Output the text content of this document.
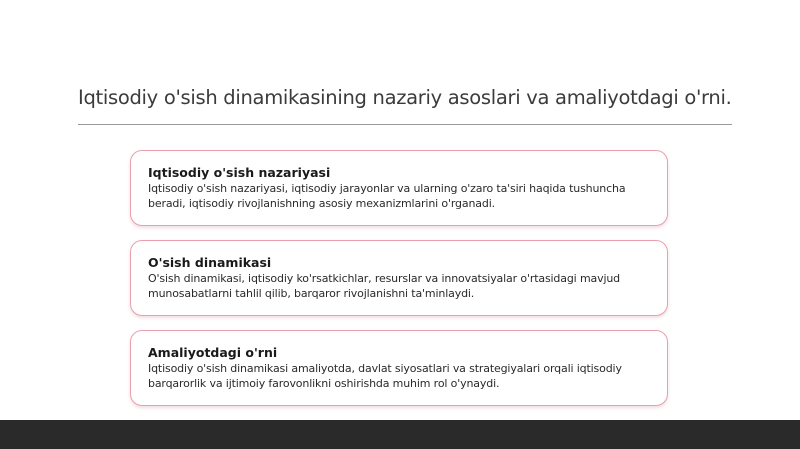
Iqtisodiy o'sish dinamikasining nazariy asoslari va amaliyotdagi o'rni.
Iqtisodiy o'sish nazariyasi
Iqtisodiy o'sish nazariyasi, iqtisodiy jarayonlar va ularning o'zaro ta'siri haqida tushuncha beradi, iqtisodiy rivojlanishning asosiy mexanizmlarini o'rganadi.
O'sish dinamikasi
O'sish dinamikasi, iqtisodiy ko'rsatkichlar, resurslar va innovatsiyalar o'rtasidagi mavjud munosabatlarni tahlil qilib, barqaror rivojlanishni ta'minlaydi.
Amaliyotdagi o'rni
Iqtisodiy o'sish dinamikasi amaliyotda, davlat siyosatlari va strategiyalari orqali iqtisodiy barqarorlik va ijtimoiy farovonlikni oshirishda muhim rol o'ynaydi.
